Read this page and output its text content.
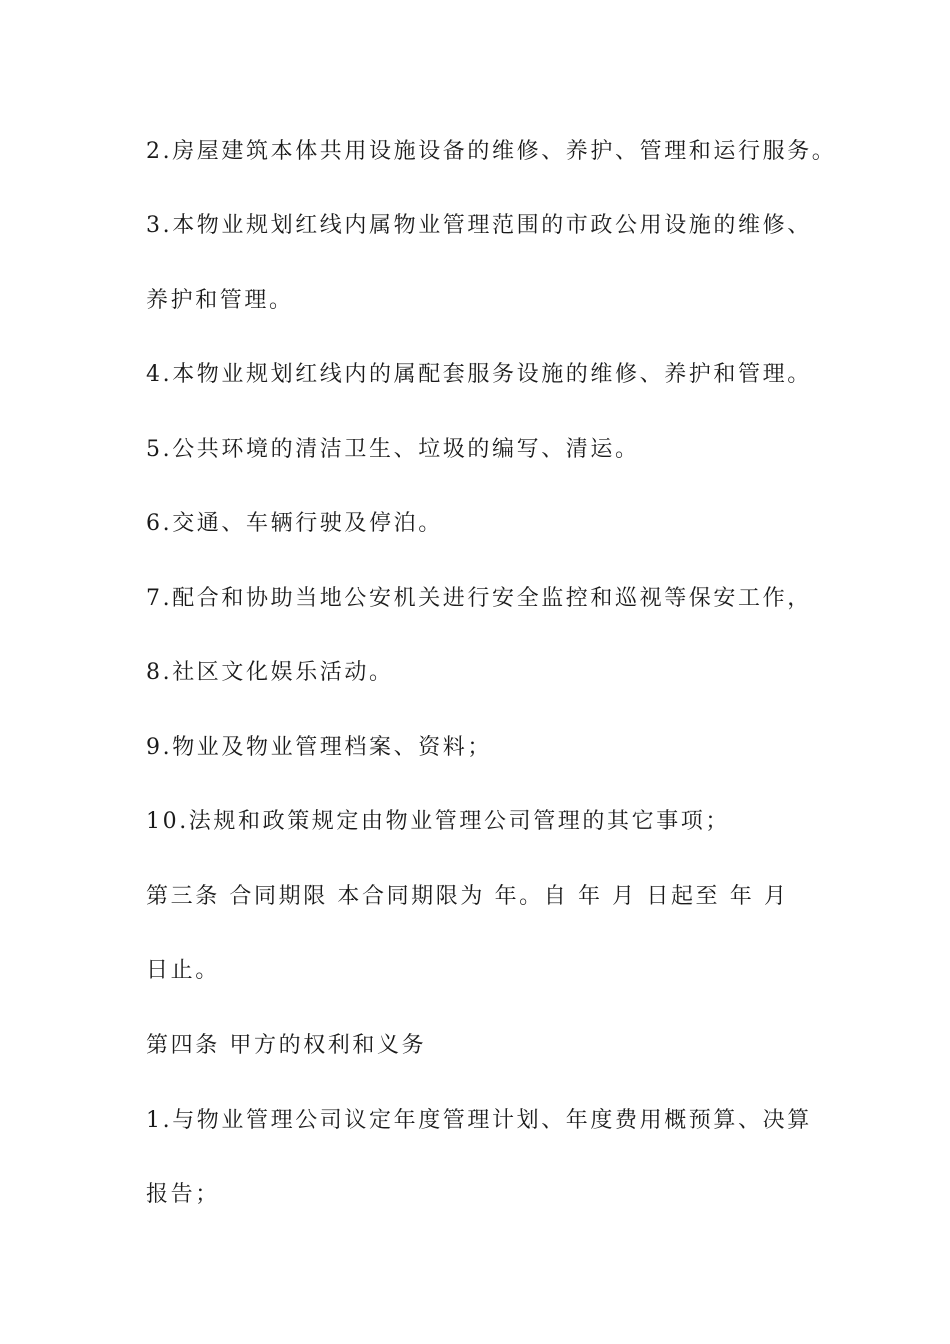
2.房屋建筑本体共用设施设备的维修、养护、管理和运行服务。
3.本物业规划红线内属物业管理范围的市政公用设施的维修、
养护和管理。
4.本物业规划红线内的属配套服务设施的维修、养护和管理。
5.公共环境的清洁卫生、垃圾的编写、清运。
6.交通、车辆行驶及停泊。
7.配合和协助当地公安机关进行安全监控和巡视等保安工作，
8.社区文化娱乐活动。
9.物业及物业管理档案、资料；
10.法规和政策规定由物业管理公司管理的其它事项；
第三条 合同期限 本合同期限为 年。自 年 月 日起至 年 月
日止。
第四条 甲方的权利和义务
1.与物业管理公司议定年度管理计划、年度费用概预算、决算
报告；
